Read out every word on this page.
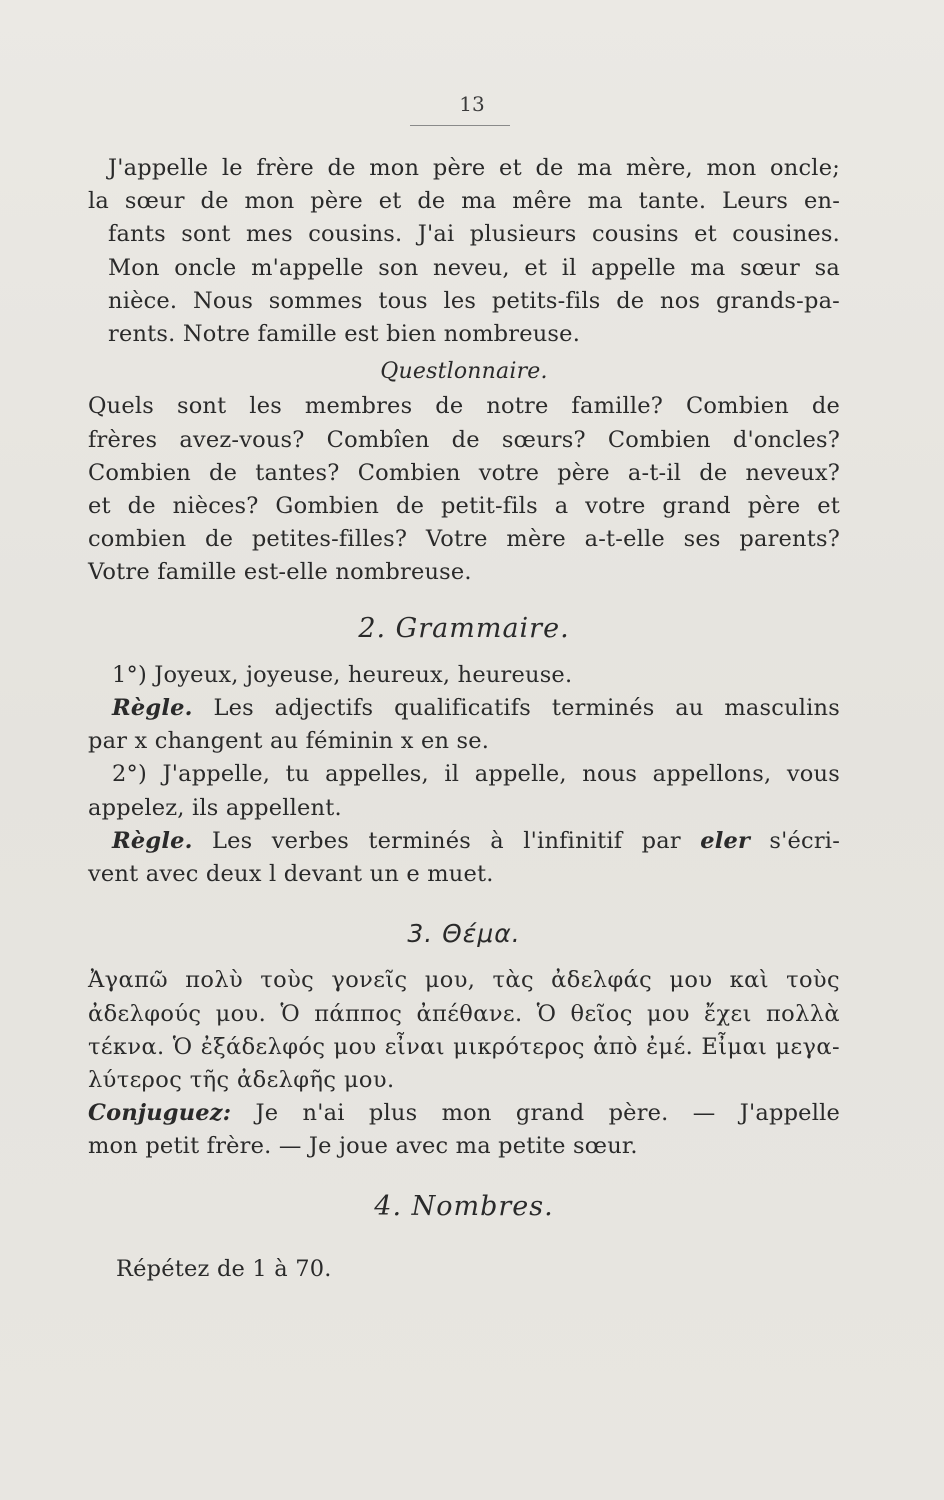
13
J'appelle le frère de mon père et de ma mère, mon oncle;
la sœur de mon père et de ma mêre ma tante. Leurs en-
fants sont mes cousins. J'ai plusieurs cousins et cousines.
Mon oncle m'appelle son neveu, et il appelle ma sœur sa
nièce. Nous sommes tous les petits-fils de nos grands-pa-
rents. Notre famille est bien nombreuse.

Questlonnaire.

Quels sont les membres de notre famille? Combien de
frères avez-vous? Combîen de sœurs? Combien d'oncles?
Combien de tantes? Combien votre père a-t-il de neveux?
et de nièces? Gombien de petit-fils a votre grand père et
combien de petites-filles? Votre mère a-t-elle ses parents?
Votre famille est-elle nombreuse.
2. Grammaire.
1°) Joyeux, joyeuse, heureux, heureuse.
Règle. Les adjectifs qualificatifs terminés au masculins
par x changent au féminin x en se.
2°) J'appelle, tu appelles, il appelle, nous appellons, vous
appelez, ils appellent.
Règle. Les verbes terminés à l'infinitif par eler s'écri-
vent avec deux l devant un e muet.
3. Θέμα.
Ἀγαπῶ πολὺ τοὺς γονεῖς μου, τὰς ἀδελφάς μου καὶ τοὺς
ἀδελφούς μου. Ὁ πάππος ἀπέθανε. Ὁ θεῖος μου ἔχει πολλὰ
τέκνα. Ὁ ἐξάδελφός μου εἶναι μικρότερος ἀπὸ ἐμέ. Εἶμαι μεγα-
λύτερος τῆς ἀδελφῆς μου.
Conjuguez: Je n'ai plus mon grand père. — J'appelle
mon petit frère. — Je joue avec ma petite sœur.
4. Nombres.
Répétez de 1 à 70.
